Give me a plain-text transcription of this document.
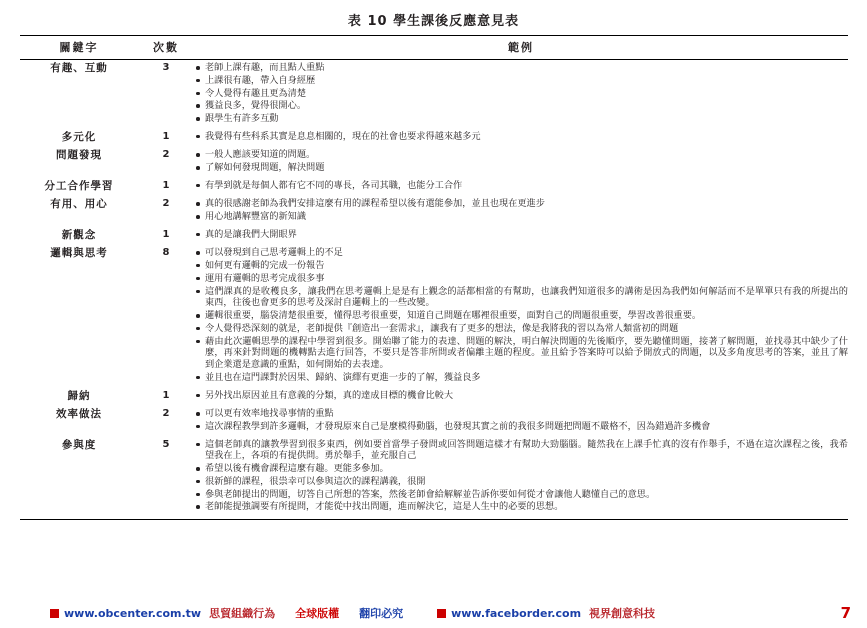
表 10 學生課後反應意見表
關鍵字	次數	範例
有趣、互動	3	老師上課有趣，而且點人重點
上課很有趣，帶入自身經歷
令人覺得有趣且更為清楚
獲益良多，覺得很開心。
跟學生有許多互動

多元化	1	我覺得有些科系其實是息息相關的，現在的社會也要求得越來越多元

問題發現	2	一般人應該要知道的問題。
了解如何發現問題，解決問題

分工合作學習	1	有學到就是每個人都有它不同的專長，各司其職，也能分工合作

有用、用心	2	真的很感謝老師為我們安排這麼有用的課程希望以後有還能參加，並且也現在更進步
用心地講解豐富的新知識

新觀念	1	真的是讓我們大開眼界

邏輯與思考	8	可以發現到自己思考邏輯上的不足
如何更有邏輯的完成一份報告
運用有邏輯的思考完成很多事
這們課真的是收穫良多，讓我們在思考邏輯上是是有上觀念的話都相當的有幫助，也讓我們知道很多的講術是因為我們如何解話而不是單單只有我的所提出的東西，往後也會更多的思考及深討自邏輯上的一些改變。
邏輯很重要，腦袋清楚很重要，懂得思考很重要，知道自己問題在哪裡很重要，面對自己的問題很重要，學習改善很重要。
令人覺得恐深刻的就是，老師提供『創造出一套需求』，讓我有了更多的想法，像是我將我的習以為常人類當初的問題
藉由此次邏輯思學的課程中學習到很多。開始聯了能力的表達、問題的解決，明白解決問題的先後順序，要先聽懂問題，接著了解問題，並找尋其中缺少了什麼，再來針對問題的機轉點去進行回答，不要只是答非所問或者偏離主題的程度。並且給予答案時可以給予開放式的問題，以及多角度思考的答案，並且了解到企業還是意識的重點，如何開始的去表達。
並且也在這門課對於因果、歸納、演繹有更進一步的了解，獲益良多

歸納	1	另外找出原因並且有意義的分類，真的達成目標的機會比較大

效率做法	2	可以更有效率地找尋事情的重點
這次課程教學到許多邏輯，才發現原來自己是麼模得動腦，也發現其實之前的我很多問題把問題不嚴格不，因為錯過許多機會

參與度	5	這個老師真的讓教學習到很多東西，例如要首當學子發問或回答問題這樣才有幫助大勁腦腦。隨然我在上課手忙真的沒有作舉手，不過在這次課程之後，我希望我在上，各項的有提供問。勇於舉手，並充服自己
希望以後有機會課程這麼有趣。更能多參加。
很新鮮的課程，很祟幸可以參與這次的課程講義，很開
參與老師提出的問題，切答自己所想的答案，然後老師會給解解並告訴你要如何從才會讓他人聽懂自己的意思。
老師能提強調要有所提問，才能從中找出問題，進而解決它，這是人生中的必要的思想。
www.obcenter.com.tw 思貿組織行為 全球版權 翻印必究	www.faceborder.com 視界創意科技	7
